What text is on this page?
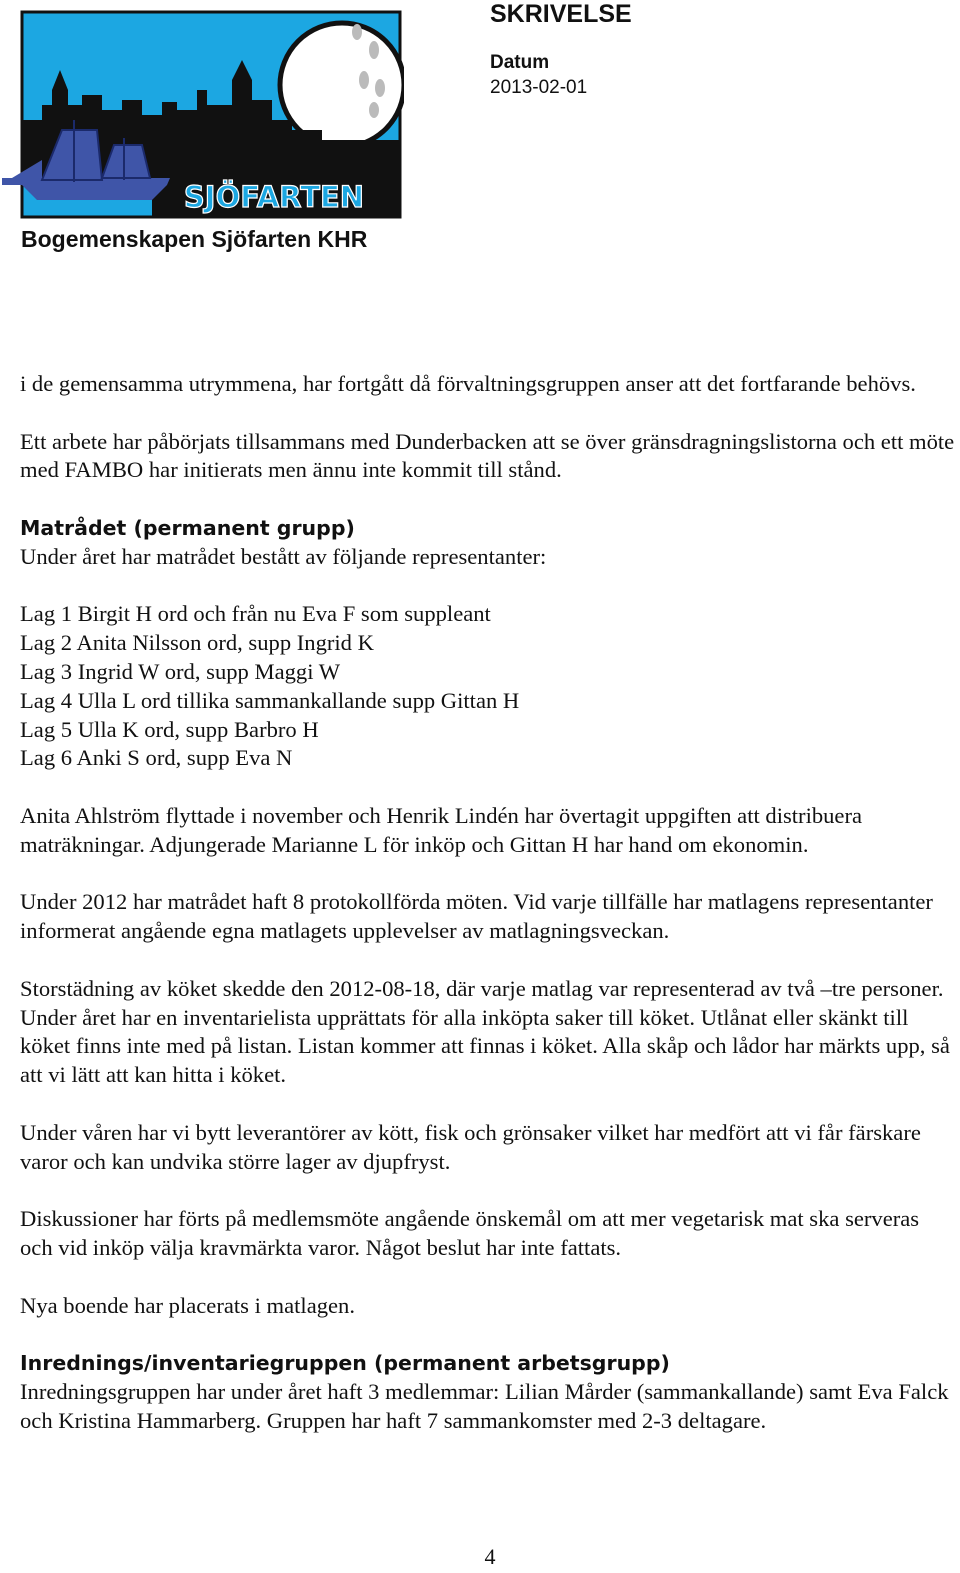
SJÖFARTEN
Bogemenskapen Sjöfarten KHR
SKRIVELSE
Datum
2013-02-01

i de gemensamma utrymmena, har fortgått då förvaltningsgruppen anser att det fortfarande behövs.

Ett arbete har påbörjats tillsammans med Dunderbacken att se över gränsdragningslistorna och ett möte med FAMBO har initierats men ännu inte kommit till stånd.

Matrådet (permanent grupp)

Under året har matrådet bestått av följande representanter:

Lag 1 Birgit H ord och från nu Eva F som suppleant
Lag 2 Anita Nilsson ord, supp Ingrid K
Lag 3 Ingrid W ord, supp Maggi W
Lag 4 Ulla L ord tillika sammankallande supp Gittan H
Lag 5 Ulla K ord, supp Barbro H
Lag 6 Anki S ord, supp Eva N

Anita Ahlström flyttade i november och Henrik Lindén har övertagit uppgiften att distribuera maträkningar. Adjungerade Marianne L för inköp och Gittan H har hand om ekonomin.

Under 2012 har matrådet haft 8 protokollförda möten. Vid varje tillfälle har matlagens representanter informerat angående egna matlagets upplevelser av matlagningsveckan.

Storstädning av köket skedde den 2012-08-18, där varje matlag var representerad av två –tre personer. Under året har en inventarielista upprättats för alla inköpta saker till köket. Utlånat eller skänkt till köket finns inte med på listan. Listan kommer att finnas i köket. Alla skåp och lådor har märkts upp, så att vi lätt att kan hitta i köket.

Under våren har vi bytt leverantörer av kött, fisk och grönsaker vilket har medfört att vi får färskare varor och kan undvika större lager av djupfryst.

Diskussioner har förts på medlemsmöte angående önskemål om att mer vegetarisk mat ska serveras och vid inköp välja kravmärkta varor. Något beslut har inte fattats.

Nya boende har placerats i matlagen.

Inrednings/inventariegruppen (permanent arbetsgrupp)

Inredningsgruppen har under året haft 3 medlemmar: Lilian Mårder (sammankallande) samt Eva Falck och Kristina Hammarberg. Gruppen har haft 7 sammankomster med 2-3 deltagare.

4
